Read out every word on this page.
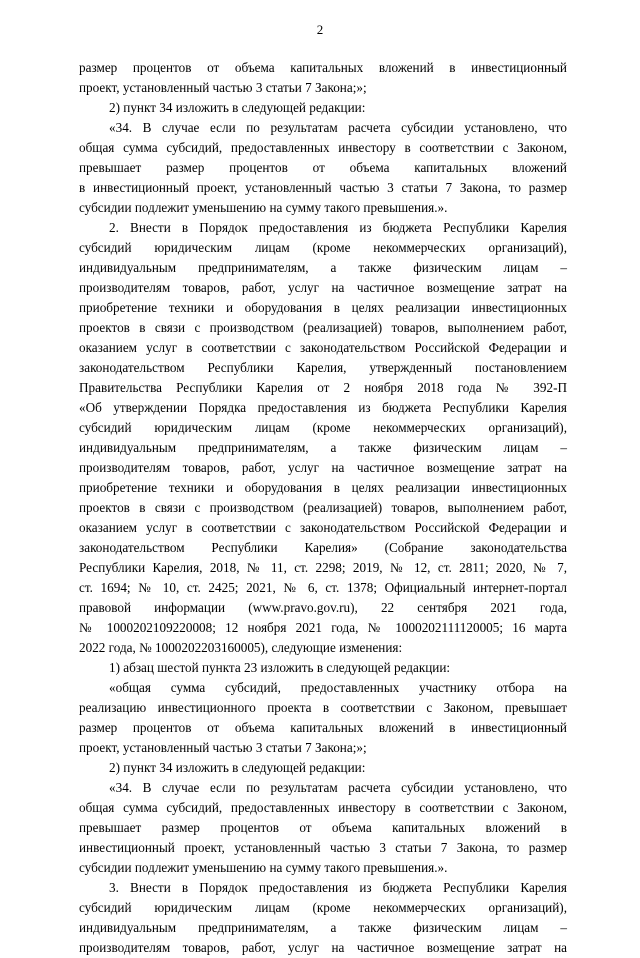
2
размер процентов от объема капитальных вложений в инвестиционный
проект, установленный частью 3 статьи 7 Закона;»;
2) пункт 34 изложить в следующей редакции:
«34. В случае если по результатам расчета субсидии установлено, что
общая сумма субсидий, предоставленных инвестору в соответствии с Законом,
превышает размер процентов от объема капитальных вложений
в инвестиционный проект, установленный частью 3 статьи 7 Закона, то размер
субсидии подлежит уменьшению на сумму такого превышения.».
2. Внести в Порядок предоставления из бюджета Республики Карелия
субсидий юридическим лицам (кроме некоммерческих организаций),
индивидуальным предпринимателям, а также физическим лицам –
производителям товаров, работ, услуг на частичное возмещение затрат на
приобретение техники и оборудования в целях реализации инвестиционных
проектов в связи с производством (реализацией) товаров, выполнением работ,
оказанием услуг в соответствии с законодательством Российской Федерации и
законодательством Республики Карелия, утвержденный постановлением
Правительства Республики Карелия от 2 ноября 2018 года № 392-П
«Об утверждении Порядка предоставления из бюджета Республики Карелия
субсидий юридическим лицам (кроме некоммерческих организаций),
индивидуальным предпринимателям, а также физическим лицам –
производителям товаров, работ, услуг на частичное возмещение затрат на
приобретение техники и оборудования в целях реализации инвестиционных
проектов в связи с производством (реализацией) товаров, выполнением работ,
оказанием услуг в соответствии с законодательством Российской Федерации и
законодательством Республики Карелия» (Собрание законодательства
Республики Карелия, 2018, № 11, ст. 2298; 2019, № 12, ст. 2811; 2020, № 7,
ст. 1694; № 10, ст. 2425; 2021, № 6, ст. 1378; Официальный интернет-портал
правовой информации (www.pravo.gov.ru), 22 сентября 2021 года,
№ 1000202109220008; 12 ноября 2021 года, № 1000202111120005; 16 марта
2022 года, № 1000202203160005), следующие изменения:
1) абзац шестой пункта 23 изложить в следующей редакции:
«общая сумма субсидий, предоставленных участнику отбора на
реализацию инвестиционного проекта в соответствии с Законом, превышает
размер процентов от объема капитальных вложений в инвестиционный
проект, установленный частью 3 статьи 7 Закона;»;
2) пункт 34 изложить в следующей редакции:
«34. В случае если по результатам расчета субсидии установлено, что
общая сумма субсидий, предоставленных инвестору в соответствии с Законом,
превышает размер процентов от объема капитальных вложений в
инвестиционный проект, установленный частью 3 статьи 7 Закона, то размер
субсидии подлежит уменьшению на сумму такого превышения.».
3. Внести в Порядок предоставления из бюджета Республики Карелия
субсидий юридическим лицам (кроме некоммерческих организаций),
индивидуальным предпринимателям, а также физическим лицам –
производителям товаров, работ, услуг на частичное возмещение затрат на
